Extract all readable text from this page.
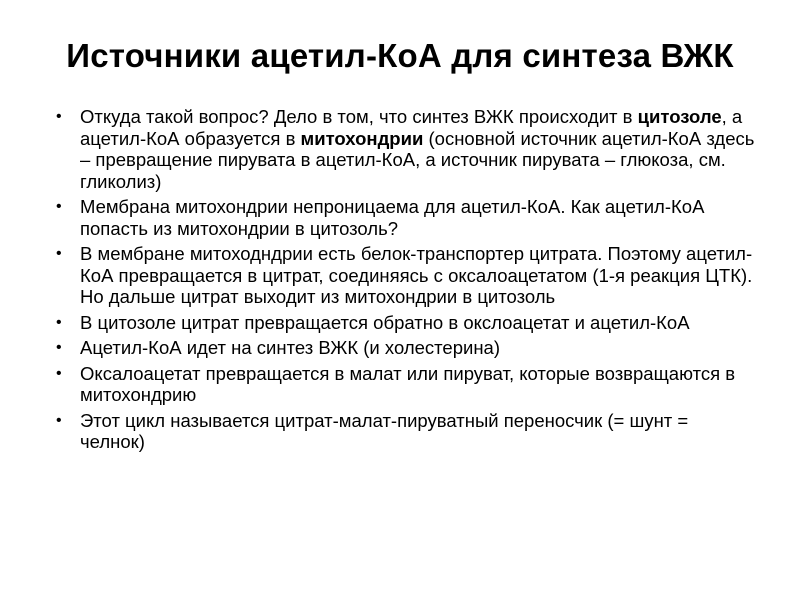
Источники ацетил-КоА для синтеза ВЖК
• Откуда такой вопрос? Дело в том, что синтез ВЖК происходит в цитозоле, а ацетил-КоА образуется в митохондрии (основной источник ацетил-КоА здесь – превращение пирувата в ацетил-КоА, а источник пирувата – глюкоза, см. гликолиз)
• Мембрана митохондрии непроницаема для ацетил-КоА. Как ацетил-КоА попасть из митохондрии в цитозоль?
• В мембране митоходндрии есть белок-транспортер цитрата. Поэтому ацетил-КоА превращается в цитрат, соединяясь с оксалоацетатом (1-я реакция ЦТК). Но дальше цитрат выходит из митохондрии в цитозоль
• В цитозоле цитрат превращается обратно в окслоацетат и ацетил-КоА
• Ацетил-КоА идет на синтез ВЖК (и холестерина)
• Оксалоацетат превращается в малат или пируват, которые возвращаются в митохондрию
• Этот цикл называется цитрат-малат-пируватный переносчик (= шунт = челнок)
